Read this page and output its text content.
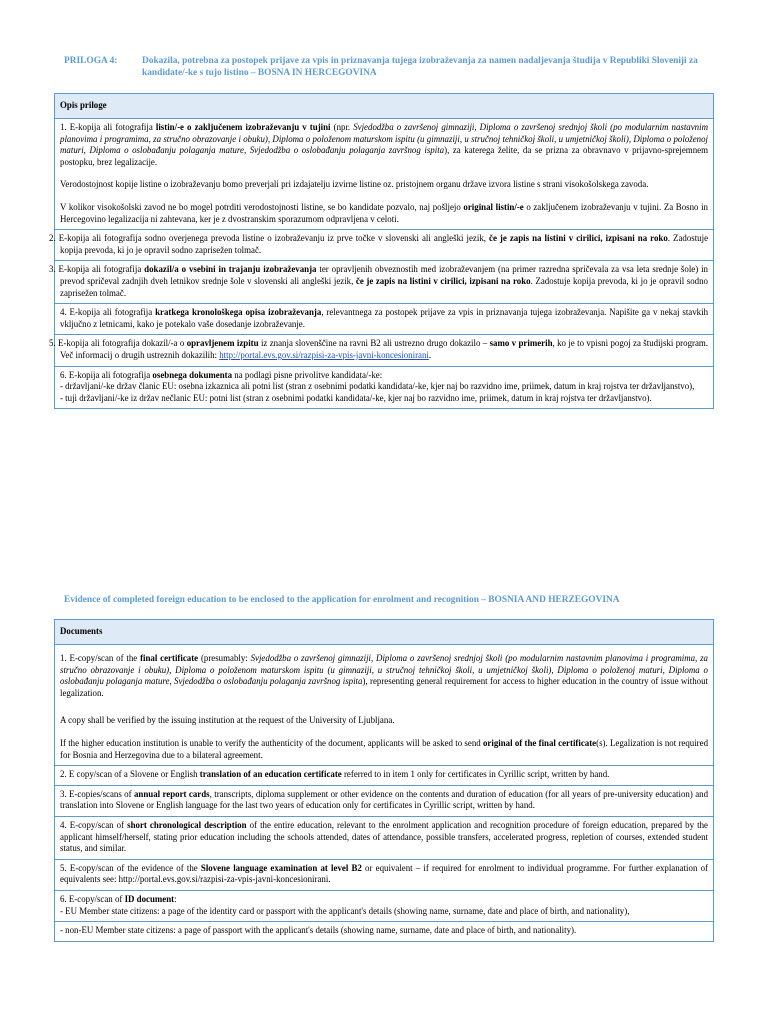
PRILOGA 4:	Dokazila, potrebna za postopek prijave za vpis in priznavanja tujega izobraževanja za namen nadaljevanja študija v Republiki Sloveniji za kandidate/-ke s tujo listino – BOSNA IN HERCEGOVINA
Opis priloge

1. E-kopija ali fotografija listin/-e o zaključenem izobraževanju v tujini (npr. Svjedodžba o završenoj gimnaziji, Diploma o završenoj srednjoj školi (po modularnim nastavnim planovima i programima, za stručno obrazovanje i obuku), Diploma o položenom maturskom ispitu (u gimnaziji, u stručnoj tehničkoj školi, u umjetničkoj školi), Diploma o položenoj maturi, Diploma o oslobađanju polaganja mature, Svjedodžba o oslobađanju polaganja završnog ispita), za katerega želite, da se prizna za obravnavo v prijavno-sprejemnem postopku, brez legalizacije.

Verodostojnost kopije listine o izobraževanju bomo preverjali pri izdajatelju izvirne listine oz. pristojnem organu države izvora listine s strani visokošolskega zavoda.

V kolikor visokošolski zavod ne bo mogel potrditi verodostojnosti listine, se bo kandidate pozvalo, naj pošljejo original listin/-e o zaključenem izobraževanju v tujini. Za Bosno in Hercegovino legalizacija ni zahtevana, ker je z dvostranskim sporazumom odpravljena v celoti.

2. E-kopija ali fotografija sodno overjenega prevoda listine o izobraževanju iz prve točke v slovenski ali angleški jezik, če je zapis na listini v cirilici, izpisani na roko. Zadostuje kopija prevoda, ki jo je opravil sodno zaprisežen tolmač.
3. E-kopija ali fotografija dokazil/a o vsebini in trajanju izobraževanja ter opravljenih obveznostih med izobraževanjem (na primer razredna spričevala za vsa leta srednje šole) in prevod spričeval zadnjih dveh letnikov srednje šole v slovenski ali angleški jezik, če je zapis na listini v cirilici, izpisani na roko. Zadostuje kopija prevoda, ki jo je opravil sodno zaprisežen tolmač.
4. E-kopija ali fotografija kratkega kronološkega opisa izobraževanja, relevantnega za postopek prijave za vpis in priznavanja tujega izobraževanja. Napišite ga v nekaj stavkih vključno z letnicami, kako je potekalo vaše dosedanje izobraževanje.
5. E-kopija ali fotografija dokazil/-a o opravljenem izpitu iz znanja slovenščine na ravni B2 ali ustrezno drugo dokazilo – samo v primerih, ko je to vpisni pogoj za študijski program. Več informacij o drugih ustreznih dokazilih: http://portal.evs.gov.si/razpisi-za-vpis-javni-koncesionirani.

6. E-kopija ali fotografija osebnega dokumenta na podlagi pisne privolitve kandidata/-ke:

- državljani/-ke držav članic EU: osebna izkaznica ali potni list (stran z osebnimi podatki kandidata/-ke, kjer naj bo razvidno ime, priimek, datum in kraj rojstva ter državljanstvo),

- tuji državljani/-ke iz držav nečlanic EU: potni list (stran z osebnimi podatki kandidata/-ke, kjer naj bo razvidno ime, priimek, datum in kraj rojstva ter državljanstvo).

Evidence of completed foreign education to be enclosed to the application for enrolment and recognition – BOSNIA AND HERZEGOVINA
Documents

1. E-copy/scan of the final certificate (presumably: Svjedodžba o završenoj gimnaziji, Diploma o završenoj srednjoj školi (po modularnim nastavnim planovima i programima, za stručno obrazovanje i obuku), Diploma o položenom maturskom ispitu (u gimnaziji, u stručnoj tehničkoj školi, u umjetničkoj školi), Diploma o položenoj maturi, Diploma o oslobađanju polaganja mature, Svjedodžba o oslobađanju polaganja završnog ispita), representing general requirement for access to higher education in the country of issue without legalization.

A copy shall be verified by the issuing institution at the request of the University of Ljubljana.

If the higher education institution is unable to verify the authenticity of the document, applicants will be asked to send original of the final certificate(s). Legalization is not required for Bosnia and Herzegovina due to a bilateral agreement.

2. E copy/scan of a Slovene or English translation of an education certificate referred to in item 1 only for certificates in Cyrillic script, written by hand.
3. E-copies/scans of annual report cards, transcripts, diploma supplement or other evidence on the contents and duration of education (for all years of pre-university education) and translation into Slovene or English language for the last two years of education only for certificates in Cyrillic script, written by hand.
4. E-copy/scan of short chronological description of the entire education, relevant to the enrolment application and recognition procedure of foreign education, prepared by the applicant himself/herself, stating prior education including the schools attended, dates of attendance, possible transfers, accelerated progress, repletion of courses, extended student status, and similar.
5. E-copy/scan of the evidence of the Slovene language examination at level B2 or equivalent – if required for enrolment to individual programme. For further explanation of equivalents see: http://portal.evs.gov.si/razpisi-za-vpis-javni-koncesionirani.

6. E-copy/scan of ID document:

- EU Member state citizens: a page of the identity card or passport with the applicant's details (showing name, surname, date and place of birth, and nationality),

- non-EU Member state citizens: a page of passport with the applicant's details (showing name, surname, date and place of birth, and nationality).
